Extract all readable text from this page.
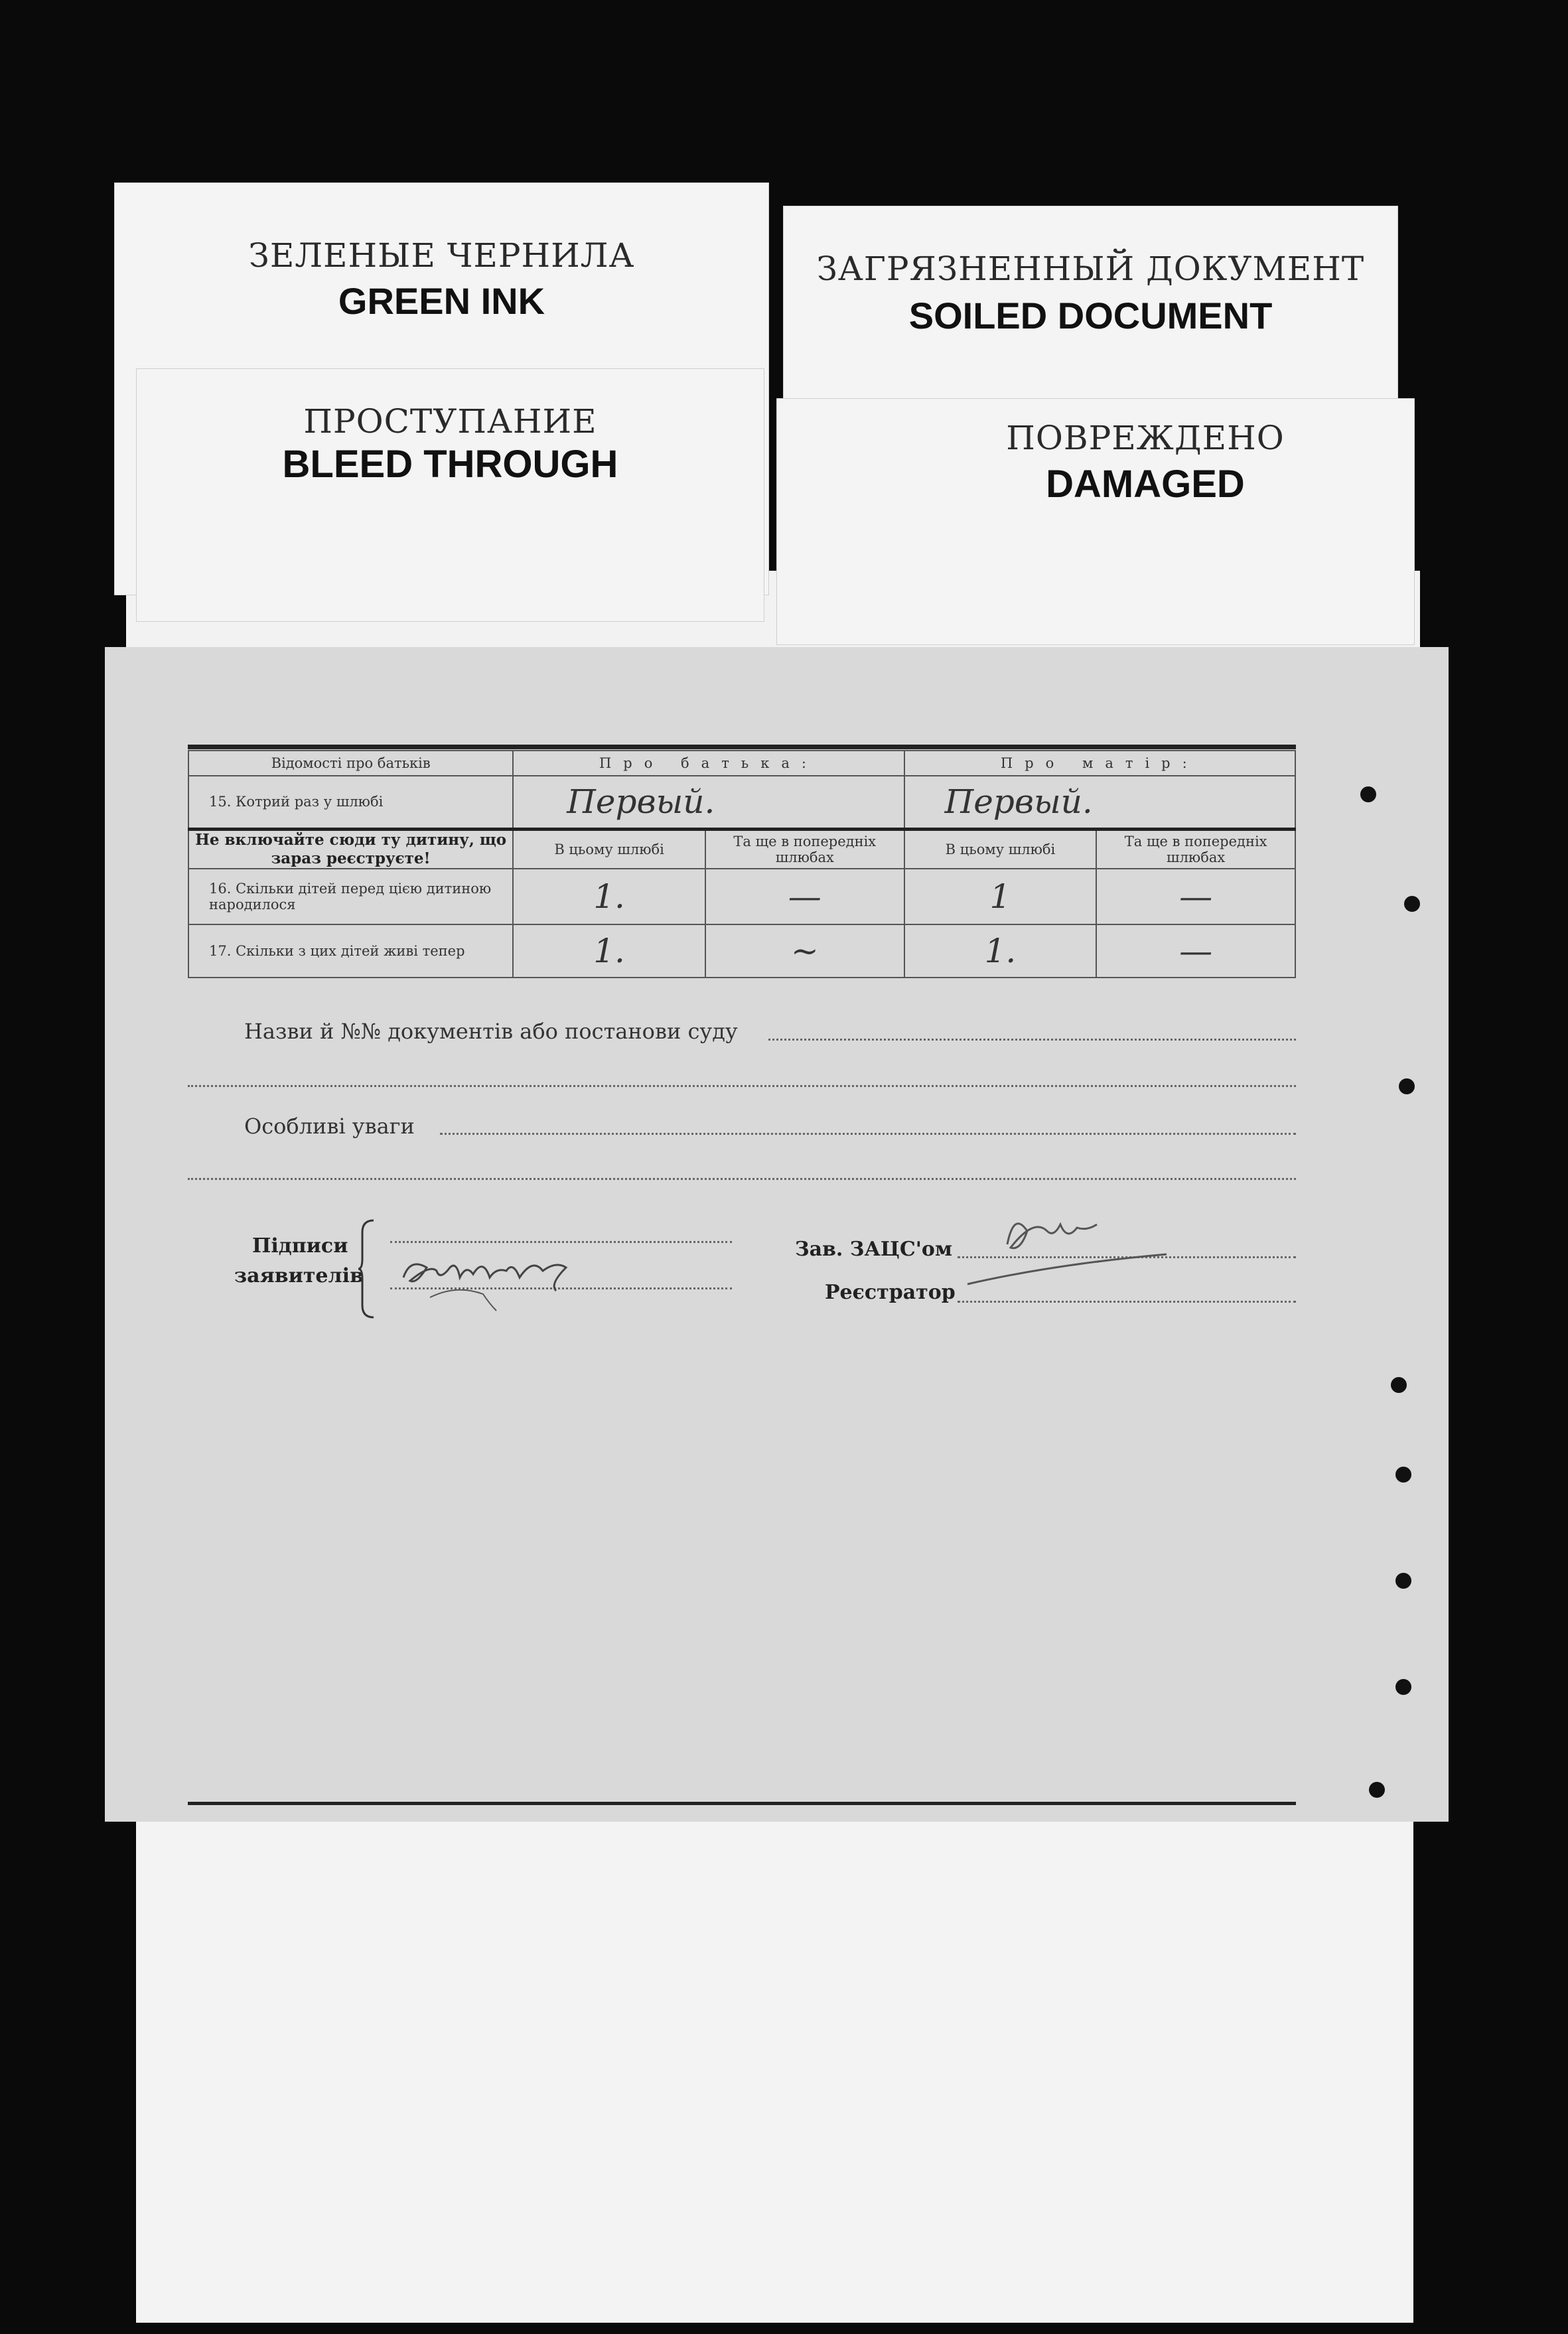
ЗЕЛЕНЫЕ ЧЕРНИЛА
GREEN INK
ЗАГРЯЗНЕННЫЙ ДОКУМЕНТ
SOILED DOCUMENT
ПРОСТУПАНИЕ
BLEED THROUGH
ПОВРЕЖДЕНО
DAMAGED
Відомості про батьків	Про батька:		Про матір:	
15. Котрий раз у шлюбі	Первый.		Первый.	
Не включайте сюди ту дитину, що зараз реєструєте!	В цьому шлюбі	Та ще в попередніх шлюбах	В цьому шлюбі	Та ще в попередніх шлюбах
16. Скільки дітей перед цією дитиною народилося	1.	—	1	—
17. Скільки з цих дітей живі тепер	1.	~	1.	—
Назви й №№ документів або постанови суду
Особливі уваги
Підписи
заявителів
Зав. ЗАЦС'ом
Реєстратор
